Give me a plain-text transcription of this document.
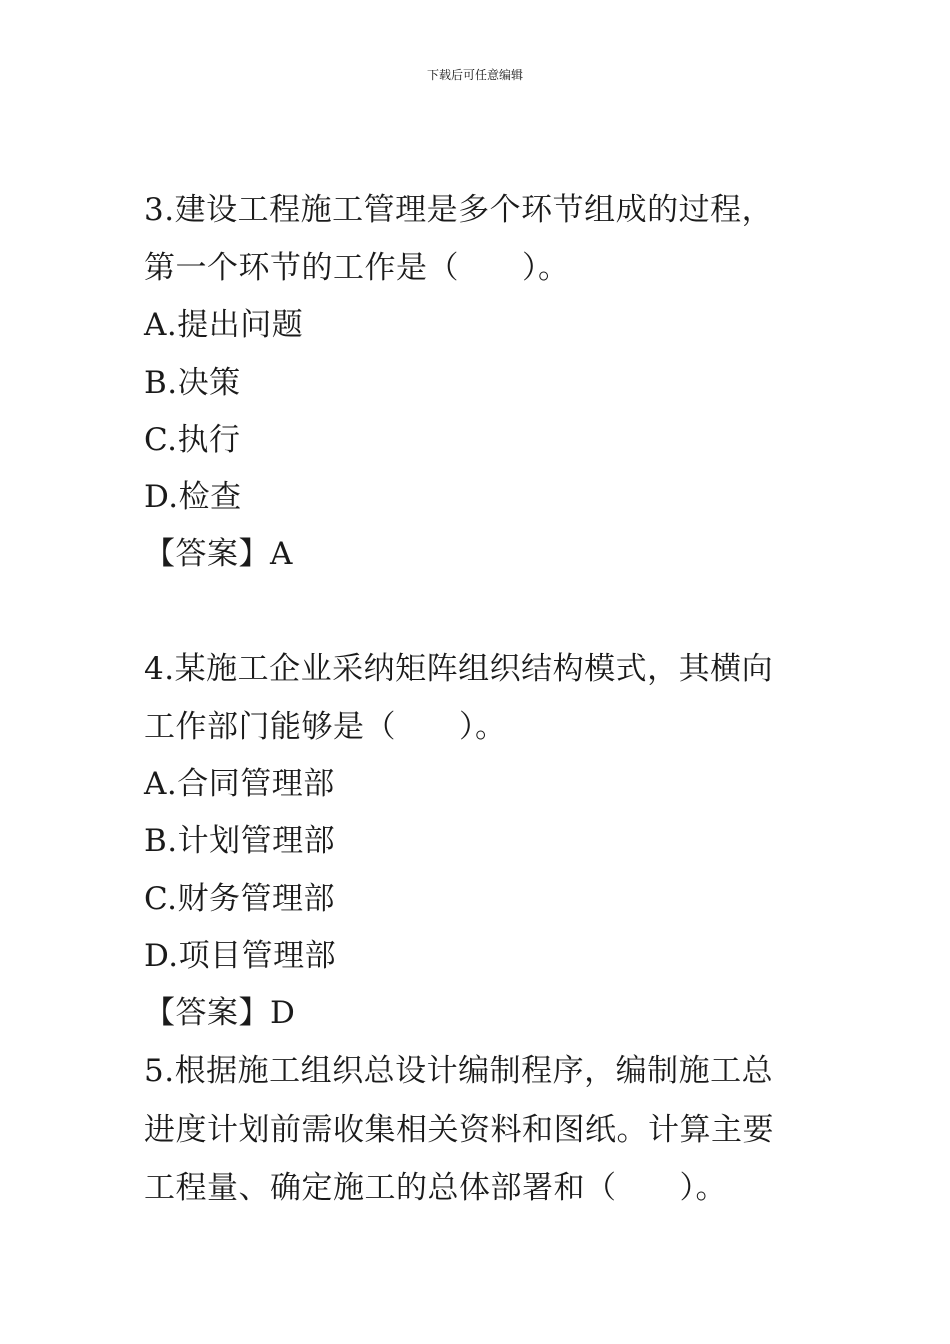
下载后可任意编辑
3.建设工程施工管理是多个环节组成的过程，
第一个环节的工作是（　　）。
A.提出问题
B.决策
C.执行
D.检查
【答案】A
4.某施工企业采纳矩阵组织结构模式，其横向
工作部门能够是（　　）。
A.合同管理部
B.计划管理部
C.财务管理部
D.项目管理部
【答案】D
5.根据施工组织总设计编制程序，编制施工总
进度计划前需收集相关资料和图纸。计算主要
工程量、确定施工的总体部署和（　　）。
